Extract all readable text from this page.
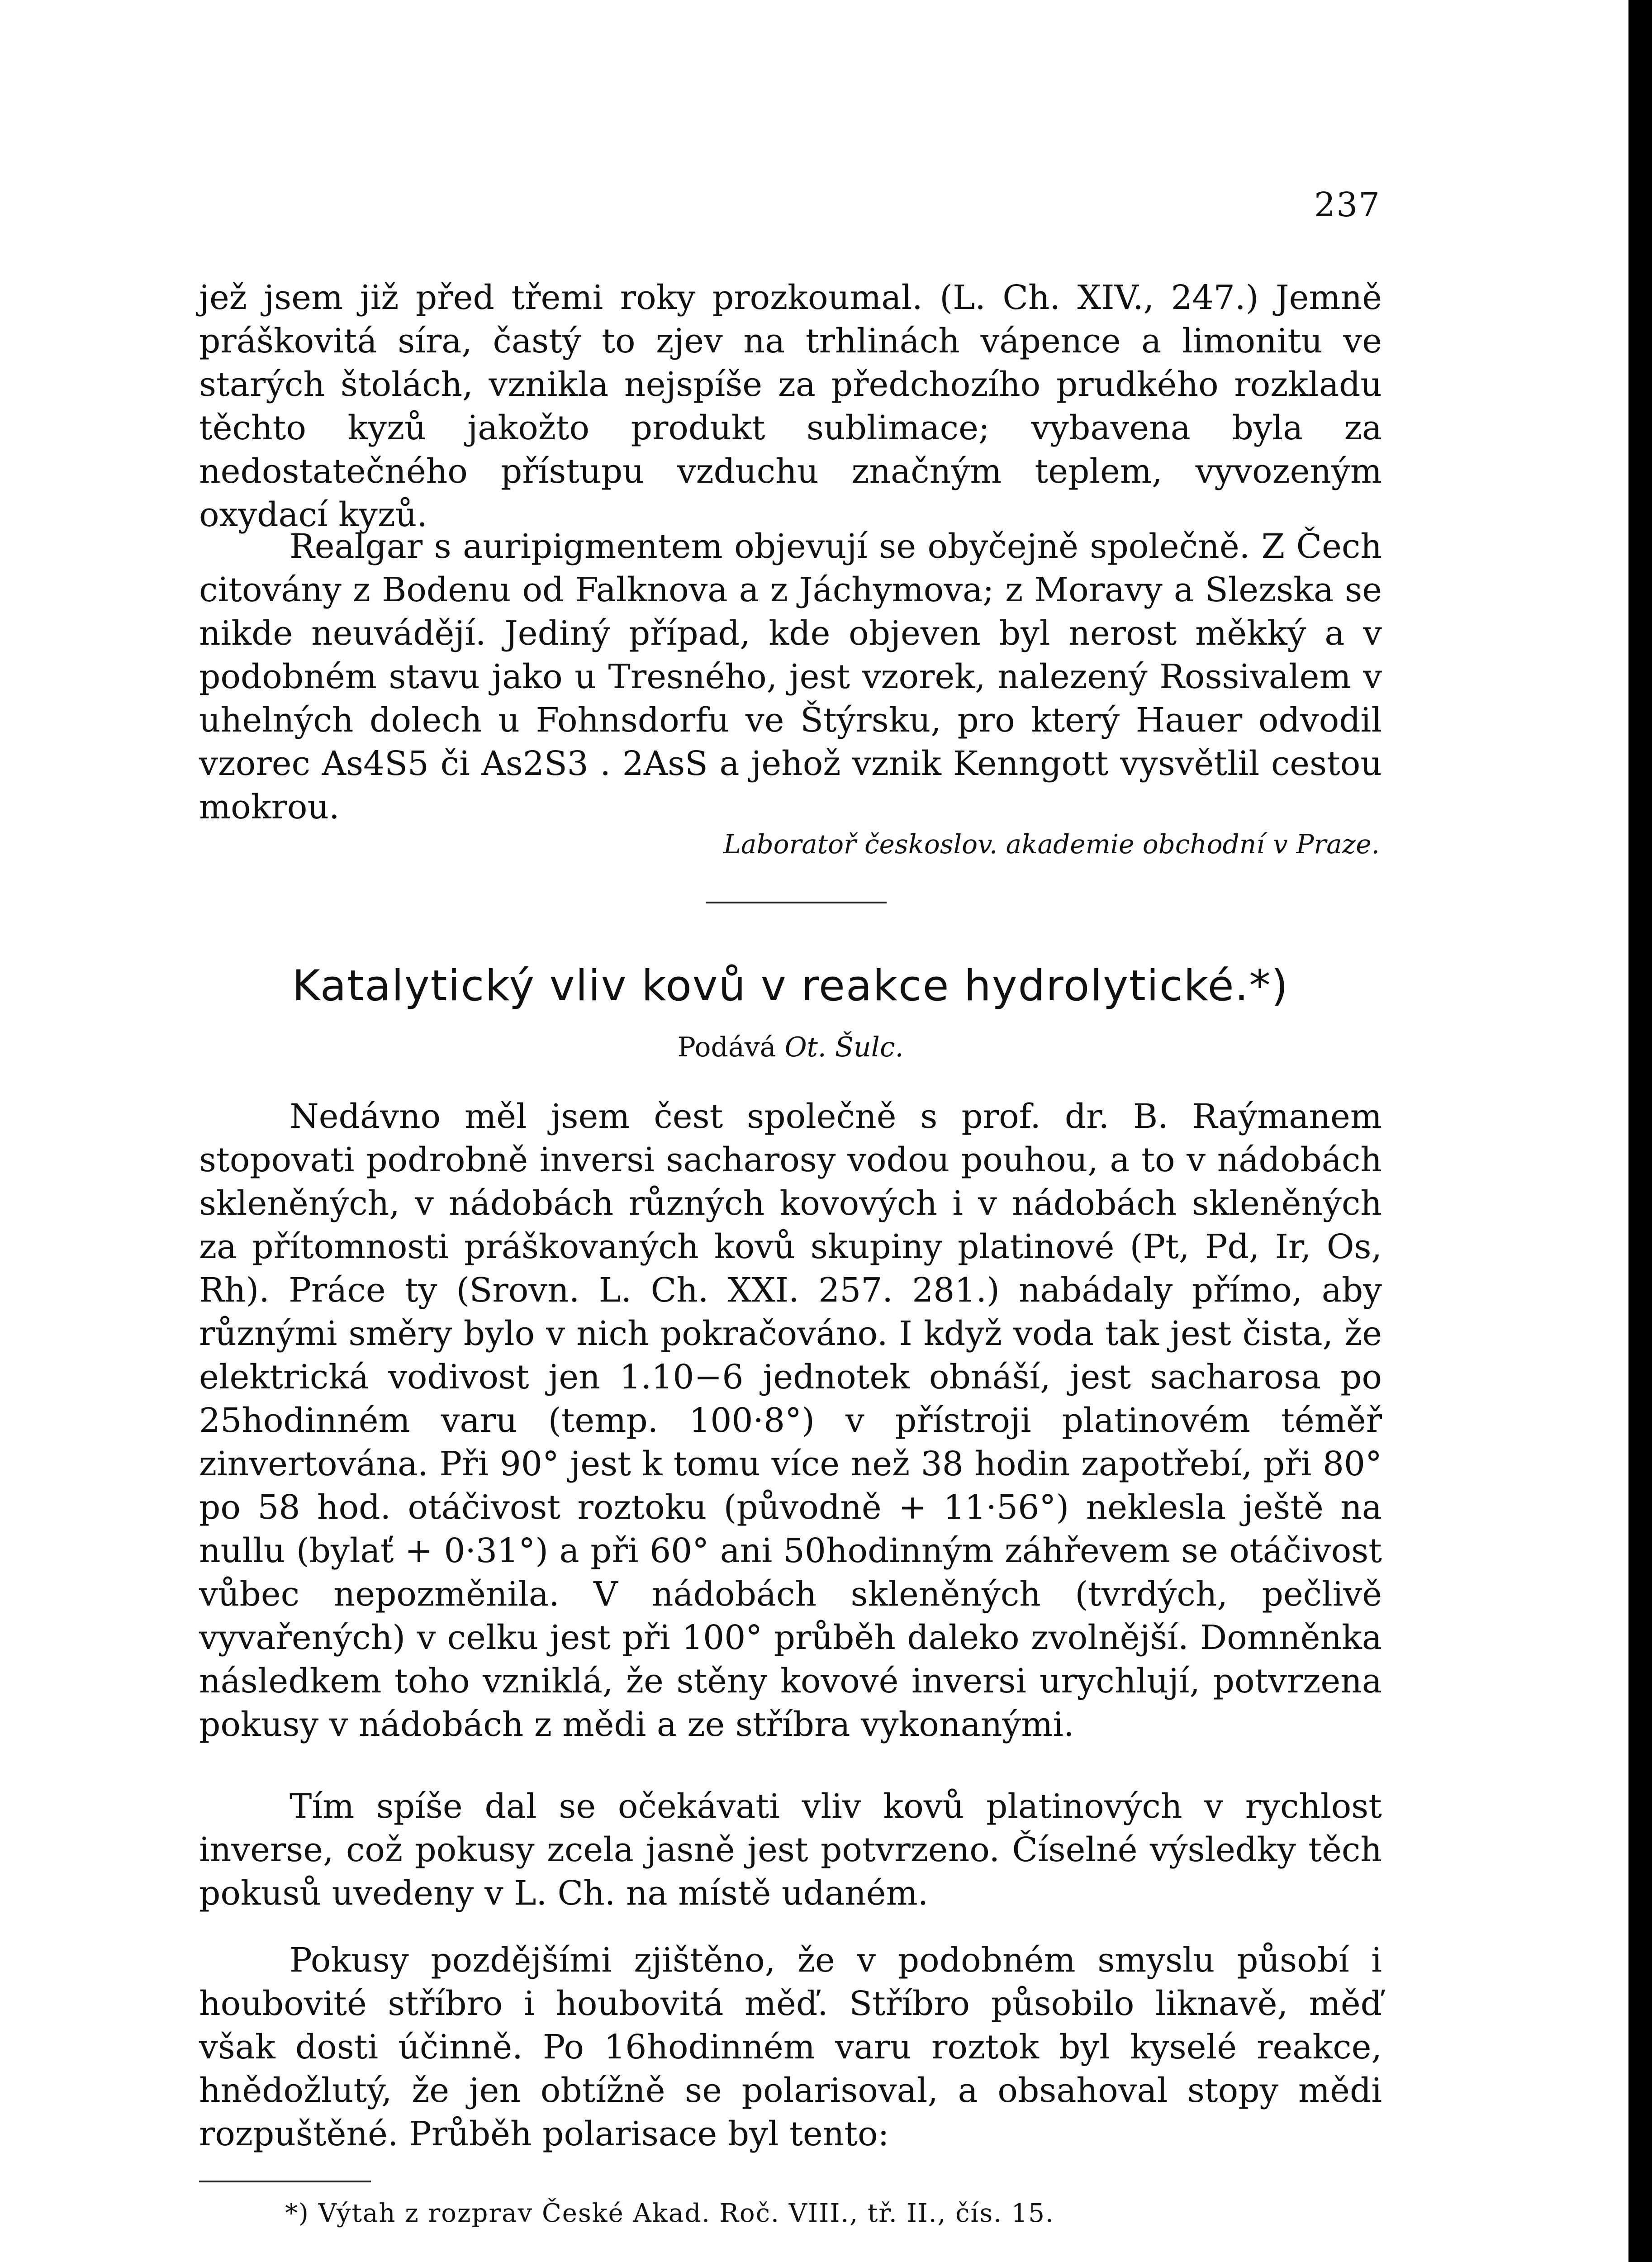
237
jež jsem již před třemi roky prozkoumal. (L. Ch. XIV., 247.) Jemně práškovitá síra, častý to zjev na trhlinách vápence a limonitu ve starých štolách, vznikla nejspíše za předchozího prudkého rozkladu těchto kyzů jakožto produkt sublimace; vybavena byla za nedostatečného přístupu vzduchu značným teplem, vyvozeným oxydací kyzů.
Realgar s auripigmentem objevují se obyčejně společně. Z Čech citovány z Bodenu od Falknova a z Jáchymova; z Moravy a Slezska se nikde neuvádějí. Jediný případ, kde objeven byl nerost měkký a v podobném stavu jako u Tresného, jest vzorek, nalezený Rossivalem v uhelných dolech u Fohnsdorfu ve Štýrsku, pro který Hauer odvodil vzorec As4S5 či As2S3 . 2AsS a jehož vznik Kenngott vysvětlil cestou mokrou.
Laboratoř českoslov. akademie obchodní v Praze.
Katalytický vliv kovů v reakce hydrolytické.*)
Podává Ot. Šulc.
Nedávno měl jsem čest společně s prof. dr. B. Raýmanem stopovati podrobně inversi sacharosy vodou pouhou, a to v nádobách skleněných, v nádobách různých kovových i v nádobách skleněných za přítomnosti práškovaných kovů skupiny platinové (Pt, Pd, Ir, Os, Rh). Práce ty (Srovn. L. Ch. XXI. 257. 281.) nabádaly přímo, aby různými směry bylo v nich pokračováno. I když voda tak jest čista, že elektrická vodivost jen 1.10−6 jednotek obnáší, jest sacharosa po 25hodinném varu (temp. 100·8°) v přístroji platinovém téměř zinvertována. Při 90° jest k tomu více než 38 hodin zapotřebí, při 80° po 58 hod. otáčivost roztoku (původně + 11·56°) neklesla ještě na nullu (bylať + 0·31°) a při 60° ani 50hodinným záhřevem se otáčivost vůbec nepozměnila. V nádobách skleněných (tvrdých, pečlivě vyvařených) v celku jest při 100° průběh daleko zvolnější. Domněnka následkem toho vzniklá, že stěny kovové inversi urychlují, potvrzena pokusy v nádobách z mědi a ze stříbra vykonanými.
Tím spíše dal se očekávati vliv kovů platinových v rychlost inverse, což pokusy zcela jasně jest potvrzeno. Číselné výsledky těch pokusů uvedeny v L. Ch. na místě udaném.
Pokusy pozdějšími zjištěno, že v podobném smyslu působí i houbovité stříbro i houbovitá měď. Stříbro působilo liknavě, měď však dosti účinně. Po 16hodinném varu roztok byl kyselé reakce, hnědožlutý, že jen obtížně se polarisoval, a obsahoval stopy mědi rozpuštěné. Průběh polarisace byl tento:
*) Výtah z rozprav České Akad. Roč. VIII., tř. II., čís. 15.
